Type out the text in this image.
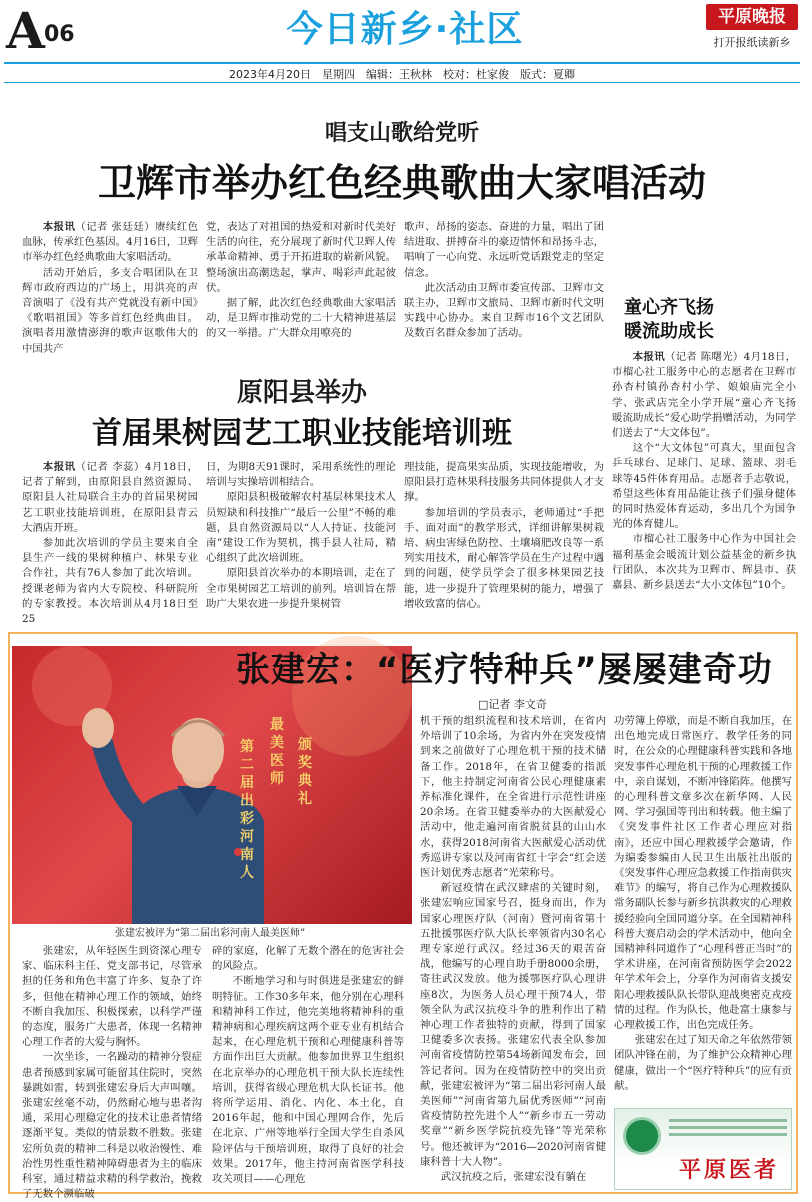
A 06	今日新乡·社区	平原晚报
打开报纸读新乡
2023年4月20日　星期四　编辑：王秋林　校对：杜家俊　版式：夏卿
唱支山歌给党听
卫辉市举办红色经典歌曲大家唱活动

本报讯（记者 张廷廷）赓续红色血脉，传承红色基因。4月16日，卫辉市举办红色经典歌曲大家唱活动。

活动开始后，多支合唱团队在卫辉市政府西边的广场上，用洪亮的声音演唱了《没有共产党就没有新中国》《歌唱祖国》等多首红色经典曲目。演唱者用激情澎湃的歌声讴歌伟大的中国共产

党，表达了对祖国的热爱和对新时代美好生活的向往，充分展现了新时代卫辉人传承革命精神、勇于开拓进取的崭新风貌。整场演出高潮迭起，掌声、喝彩声此起彼伏。

据了解，此次红色经典歌曲大家唱活动，是卫辉市推动党的二十大精神进基层的又一举措。广大群众用嘹亮的

歌声、昂扬的姿态、奋进的力量，唱出了团结进取、拼搏奋斗的豪迈情怀和昂扬斗志，唱响了一心向党、永远听党话跟党走的坚定信念。

此次活动由卫辉市委宣传部、卫辉市文联主办，卫辉市文旅局、卫辉市新时代文明实践中心协办。来自卫辉市16个文艺团队及数百名群众参加了活动。

童心齐飞扬
暖流助成长

本报讯（记者 陈曙光）4月18日，市榴心社工服务中心的志愿者在卫辉市孙杏村镇孙杏村小学、娘娘庙完全小学、张武店完全小学开展“童心齐飞扬 暖流助成长”爱心助学捐赠活动，为同学们送去了“大文体包”。

这个“大文体包”可真大，里面包含乒乓球台、足球门、足球、篮球、羽毛球等45件体育用品。志愿者手志敬说，希望这些体育用品能让孩子们强身健体的同时热爱体育运动，多出几个为国争光的体育健儿。

市榴心社工服务中心作为中国社会福利基金会暖流计划公益基金的新乡执行团队，本次共为卫辉市、辉县市、获嘉县、新乡县送去“大小文体包”10个。

原阳县举办
首届果树园艺工职业技能培训班

本报讯（记者 李蕊）4月18日，记者了解到，由原阳县自然资源局、原阳县人社局联合主办的首届果树园艺工职业技能培训班，在原阳县青云大酒店开班。

参加此次培训的学员主要来自全县生产一线的果树种植户、林果专业合作社，共有76人参加了此次培训。授课老师为省内大专院校、科研院所的专家教授。本次培训从4月18日至25

日，为期8天91课时，采用系统性的理论培训与实操培训相结合。

原阳县积极破解农村基层林果技术人员短缺和科技推广“最后一公里”不畅的难题，县自然资源局以“人人持证、技能河南”建设工作为契机，携手县人社局，精心组织了此次培训班。

原阳县首次举办的本期培训，走在了全市果树园艺工培训的前列。培训旨在帮助广大果农进一步提升果树管

理技能，提高果实品质，实现技能增收，为原阳县打造林果科技服务共同体提供人才支撑。

参加培训的学员表示，老师通过“手把手、面对面”的教学形式，详细讲解果树栽培、病虫害绿色防控、土壤墒肥改良等一系列实用技术，耐心解答学员在生产过程中遇到的问题，使学员学会了很多林果园艺技能，进一步提升了管理果树的能力，增强了增收致富的信心。

第二届出彩河南人
最美医师
颁奖典礼
张建宏被评为“第二届出彩河南人最美医师”
张建宏：“医疗特种兵”屡屡建奇功
□记者 李文奇

张建宏，从年轻医生到资深心理专家、临床科主任、党支部书记，尽管承担的任务和角色丰富了许多、复杂了许多，但他在精神心理工作的领域，始终不断自我加压、积极探索，以科学严谨的态度，服务广大患者，体现一名精神心理工作者的大爱与胸怀。

一次坐诊，一名躁动的精神分裂症患者预感到家属可能留其住院时，突然暴跳如雷，转到张建宏身后大声叫嚷。张建宏丝毫不动，仍然耐心地与患者沟通，采用心理稳定化的技术让患者情绪逐渐平复。类似的情景数不胜数。张建宏所负责的精神二科是以收治慢性、难治性男性重性精神障碍患者为主的临床科室，通过精益求精的科学救治，挽救了无数个濒临破

碎的家庭，化解了无数个潜在的危害社会的风险点。

不断地学习和与时俱进是张建宏的鲜明特征。工作30多年来，他分别在心理科和精神科工作过，他完美地将精神科的重精神病和心理疾病这两个亚专业有机结合起来，在心理危机干预和心理健康科普等方面作出巨大贡献。他参加世界卫生组织在北京举办的心理危机干预大队长连续性培训，获得省级心理危机大队长证书。他将所学运用、消化、内化、本土化，自2016年起，他和中国心理网合作，先后在北京、广州等地举行全国大学生自杀风险评估与干预培训班，取得了良好的社会效果。2017年，他主持河南省医学科技攻关项目——心理危

机干预的组织流程和技术培训，在省内外培训了10余场，为省内外在突发疫情到来之前做好了心理危机干预的技术储备工作。2018年，在省卫健委的指派下，他主持制定河南省公民心理健康素养标准化课件，在全省进行示范性讲座20余场。在省卫健委举办的大医献爱心活动中，他走遍河南省脱贫县的山山水水，获得2018河南省大医献爱心活动优秀巡讲专家以及河南省红十字会“红会送医计划优秀志愿者”光荣称号。

新冠疫情在武汉肆虐的关键时刻，张建宏响应国家号召，挺身而出，作为国家心理医疗队（河南）暨河南省第十五批援鄂医疗队大队长率领省内30名心理专家逆行武汉。经过36天的艰苦奋战，他编写的心理自助手册8000余册，寄往武汉发放。他为援鄂医疗队心理讲座8次，为医务人员心理干预74人，带领全队为武汉抗疫斗争的胜利作出了精神心理工作者独特的贡献，得到了国家卫健委多次表扬。张建宏代表全队参加河南省疫情防控第54场新闻发布会，回答记者问。因为在疫情防控中的突出贡献，张建宏被评为“第二届出彩河南人最美医师”“河南省第九届优秀医师”“河南省疫情防控先进个人”“新乡市五一劳动奖章”“新乡医学院抗疫先锋”等光荣称号。他还被评为“2016—2020河南省健康科普十大人物”。

武汉抗疫之后，张建宏没有躺在

功劳簿上停歇，而是不断自我加压，在出色地完成日常医疗、教学任务的同时，在公众的心理健康科普实践和各地突发事件心理危机干预的心理救援工作中，亲自谋划，不断冲锋陷阵。他撰写的心理科普文章多次在新华网、人民网、学习强国等刊出和转载。他主编了《突发事件社区工作者心理应对指南》，还应中国心理救援学会邀请，作为编委参编由人民卫生出版社出版的《突发事件心理应急救援工作指南供灾难节》的编写，将自己作为心理救援队常务副队长参与新乡抗洪救灾的心理救援经验向全国同道分享。在全国精神科科普大赛启动会的学术活动中，他向全国精神科同道作了“心理科普正当时”的学术讲座，在河南省预防医学会2022年学术年会上，分享作为河南省支援安阳心理救援队队长带队迎战奥密克戎疫情的过程。作为队长，他赴富士康参与心理救援工作，出色完成任务。

张建宏在过了知天命之年依然带领团队冲锋在前，为了维护公众精神心理健康，做出一个“医疗特种兵”的应有贡献。

平原医者
